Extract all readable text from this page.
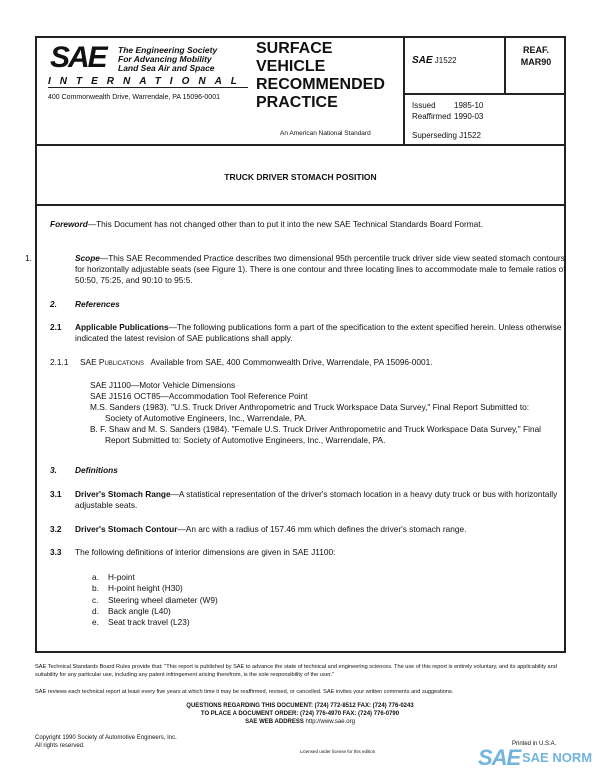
SAE The Engineering Society
For Advancing Mobility
Land Sea Air and Space
INTERNATIONAL
400 Commonwealth Drive, Warrendale, PA 15096-0001
SURFACE
VEHICLE
RECOMMENDED
PRACTICE
An American National Standard
SAE J1522
REAF.
MAR90
Issued 1985-10
Reaffirmed 1990-03
Superseding J1522
TRUCK DRIVER STOMACH POSITION
Foreword—This Document has not changed other than to put it into the new SAE Technical Standards Board Format.
1.	Scope—This SAE Recommended Practice describes two dimensional 95th percentile truck driver side view seated stomach contours for horizontally adjustable seats (see Figure 1). There is one contour and three locating lines to accommodate male to female ratios of 50:50, 75:25, and 90:10 to 95:5.
2. References
2.1 Applicable Publications—The following publications form a part of the specification to the extent specified herein. Unless otherwise indicated the latest revision of SAE publications shall apply.
2.1.1 SAE Publications Available from SAE, 400 Commonwealth Drive, Warrendale, PA 15096-0001.
SAE J1100—Motor Vehicle Dimensions
SAE J1516 OCT85—Accommodation Tool Reference Point
M.S. Sanders (1983). "U.S. Truck Driver Anthropometric and Truck Workspace Data Survey," Final Report Submitted to: Society of Automotive Engineers, Inc., Warrendale, PA.
B. F. Shaw and M. S. Sanders (1984). "Female U.S. Truck Driver Anthropometric and Truck Workspace Data Survey," Final Report Submitted to: Society of Automotive Engineers, Inc., Warrendale, PA.
3. Definitions
3.1 Driver's Stomach Range—A statistical representation of the driver's stomach location in a heavy duty truck or bus with horizontally adjustable seats.
3.2 Driver's Stomach Contour—An arc with a radius of 157.46 mm which defines the driver's stomach range.
3.3 The following definitions of interior dimensions are given in SAE J1100:
a. H-point
b. H-point height (H30)
c. Steering wheel diameter (W9)
d. Back angle (L40)
e. Seat track travel (L23)
SAE Technical Standards Board Rules provide that: "This report is published by SAE to advance the state of technical and engineering sciences. The use of this report is entirely voluntary, and its applicability and suitability for any particular use, including any patent infringement arising therefrom, is the sole responsibility of the user."
SAE reviews each technical report at least every five years at which time it may be reaffirmed, revised, or cancelled. SAE invites your written comments and suggestions.
QUESTIONS REGARDING THIS DOCUMENT: (724) 772-8512 FAX: (724) 776-0243
TO PLACE A DOCUMENT ORDER: (724) 776-4970 FAX: (724) 776-0790
SAE WEB ADDRESS http://www.sae.org
Copyright 1990 Society of Automotive Engineers, Inc.
All rights reserved.
Licensed under license for this edition
Printed in U.S.A.
SAE SAE NORM
